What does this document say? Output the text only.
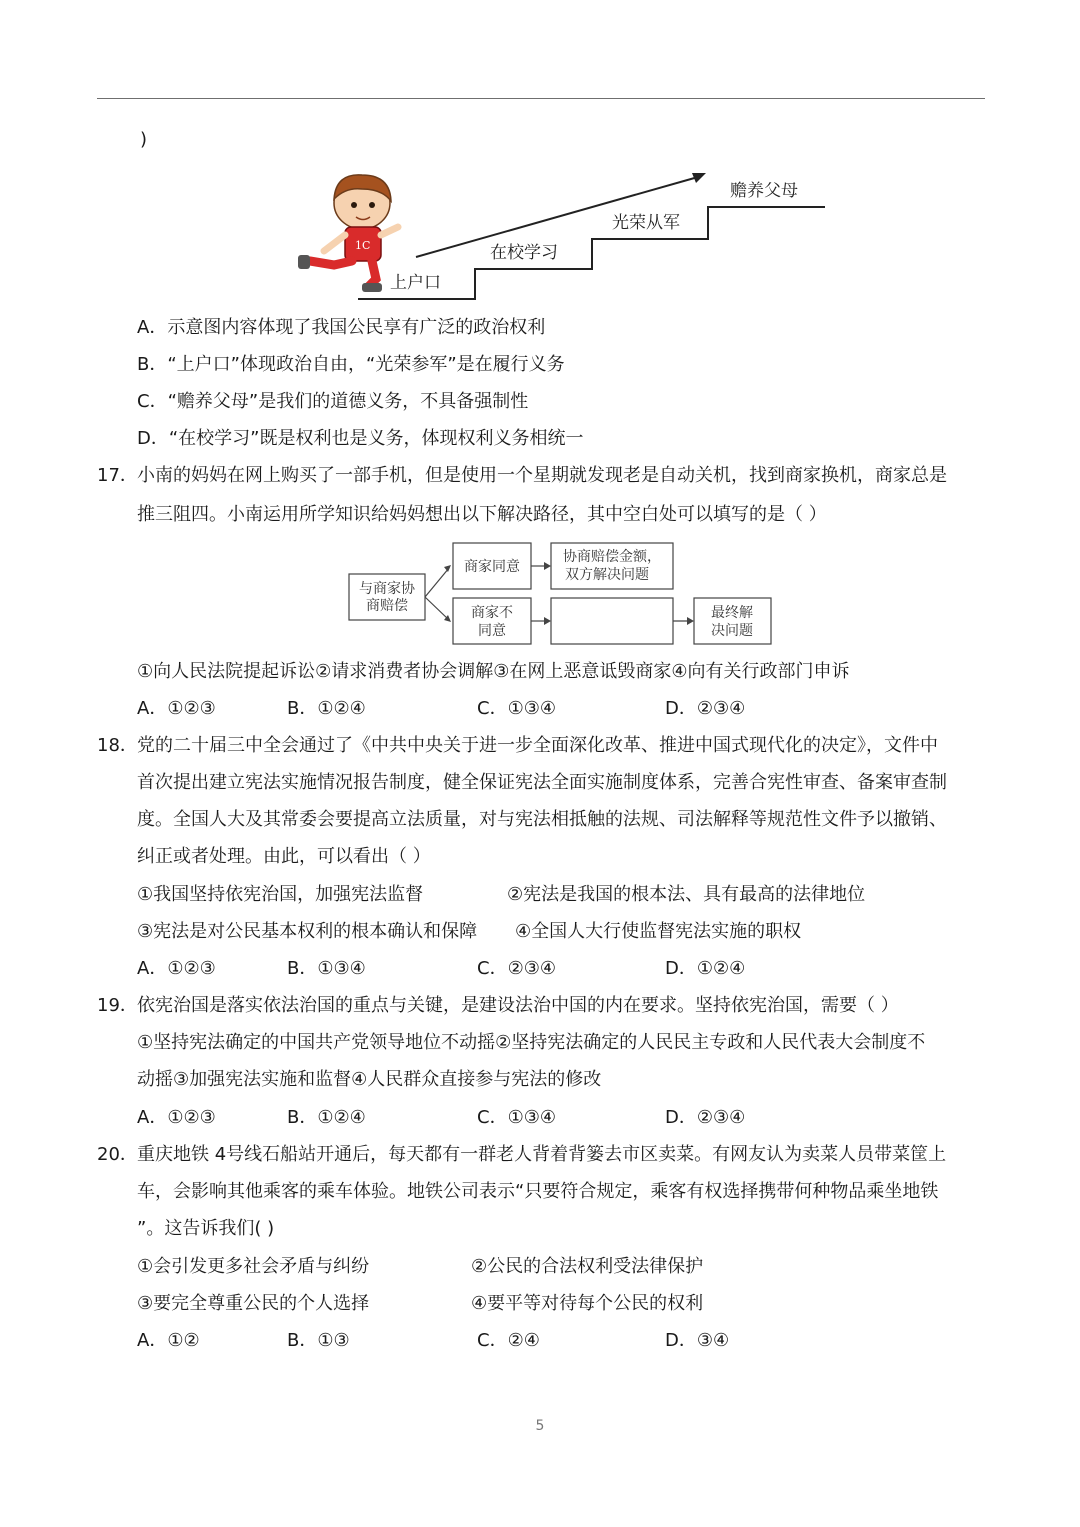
)
1C
上户口
在校学习
光荣从军
赡养父母
A．示意图内容体现了我国公民享有广泛的政治权利
B．“上户口”体现政治自由，“光荣参军”是在履行义务
C．“赡养父母”是我们的道德义务，不具备强制性
D．“在校学习”既是权利也是义务，体现权利义务相统一
17． 小南的妈妈在网上购买了一部手机，但是使用一个星期就发现老是自动关机，找到商家换机，商家总是
推三阻四。小南运用所学知识给妈妈想出以下解决路径，其中空白处可以填写的是（ ）
与商家协
商赔偿
商家同意
协商赔偿金额，
双方解决问题
商家不
同意
最终解
决问题
①向人民法院提起诉讼②请求消费者协会调解③在网上恶意诋毁商家④向有关行政部门申诉
A．①②③	B．①②④	C．①③④	D．②③④
18． 党的二十届三中全会通过了《中共中央关于进一步全面深化改革、推进中国式现代化的决定》，文件中
首次提出建立宪法实施情况报告制度，健全保证宪法全面实施制度体系，完善合宪性审查、备案审查制
度。全国人大及其常委会要提高立法质量，对与宪法相抵触的法规、司法解释等规范性文件予以撤销、
纠正或者处理。由此，可以看出（ ）
①我国坚持依宪治国，加强宪法监督	②宪法是我国的根本法、具有最高的法律地位
③宪法是对公民基本权利的根本确认和保障 ④全国人大行使监督宪法实施的职权
A．①②③	B．①③④	C．②③④	D．①②④
19． 依宪治国是落实依法治国的重点与关键，是建设法治中国的内在要求。坚持依宪治国，需要（ ）
①坚持宪法确定的中国共产党领导地位不动摇②坚持宪法确定的人民民主专政和人民代表大会制度不
动摇③加强宪法实施和监督④人民群众直接参与宪法的修改
A．①②③	B．①②④	C．①③④	D．②③④
20． 重庆地铁 4号线石船站开通后，每天都有一群老人背着背篓去市区卖菜。有网友认为卖菜人员带菜筐上
车，会影响其他乘客的乘车体验。地铁公司表示“只要符合规定，乘客有权选择携带何种物品乘坐地铁
”。这告诉我们( )
①会引发更多社会矛盾与纠纷	②公民的合法权利受法律保护
③要完全尊重公民的个人选择	④要平等对待每个公民的权利
A．①②	B．①③	C．②④	D．③④
5
